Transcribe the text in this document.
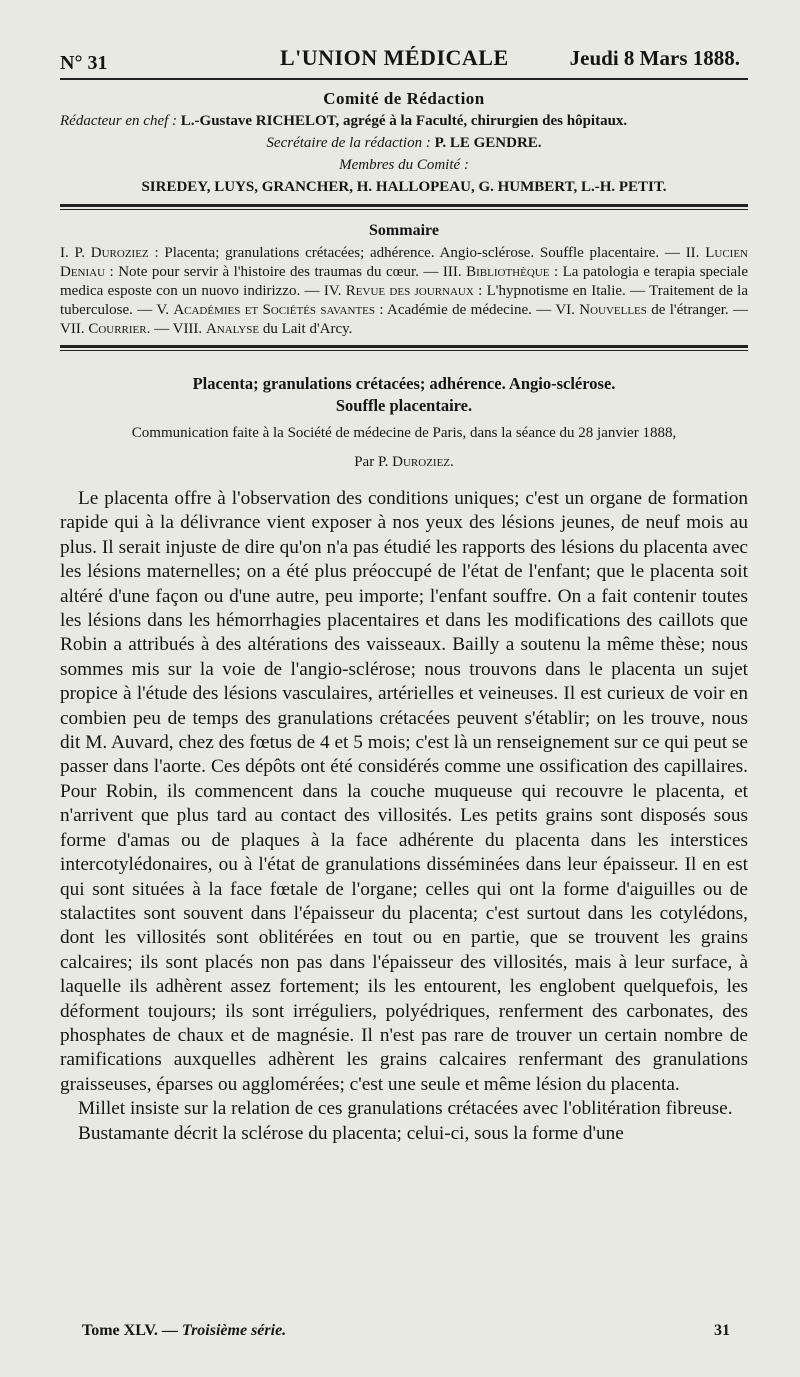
N° 31	L'UNION MÉDICALE	Jeudi 8 Mars 1888.
Comité de Rédaction
Rédacteur en chef : L.-Gustave RICHELOT, agrégé à la Faculté, chirurgien des hôpitaux.
Secrétaire de la rédaction : P. LE GENDRE.
Membres du Comité :
SIREDEY, LUYS, GRANCHER, H. HALLOPEAU, G. HUMBERT, L.-H. PETIT.
Sommaire
I. P. Duroziez : Placenta; granulations crétacées; adhérence. Angio-sclérose. Souffle placentaire. — II. Lucien Deniau : Note pour servir à l'histoire des traumas du cœur. — III. Bibliothèque : La patologia e terapia speciale medica esposte con un nuovo indirizzo. — IV. Revue des journaux : L'hypnotisme en Italie. — Traitement de la tuberculose. — V. Académies et Sociétés savantes : Académie de médecine. — VI. Nouvelles de l'étranger. — VII. Courrier. — VIII. Analyse du Lait d'Arcy.
Placenta; granulations crétacées; adhérence. Angio-sclérose.
Souffle placentaire.
Communication faite à la Société de médecine de Paris, dans la séance du 28 janvier 1888,
Par P. Duroziez.

Le placenta offre à l'observation des conditions uniques; c'est un organe de formation rapide qui à la délivrance vient exposer à nos yeux des lésions jeunes, de neuf mois au plus. Il serait injuste de dire qu'on n'a pas étudié les rapports des lésions du placenta avec les lésions maternelles; on a été plus préoccupé de l'état de l'enfant; que le placenta soit altéré d'une façon ou d'une autre, peu importe; l'enfant souffre. On a fait contenir toutes les lésions dans les hémorrhagies placentaires et dans les modifications des caillots que Robin a attribués à des altérations des vaisseaux. Bailly a soutenu la même thèse; nous sommes mis sur la voie de l'angio-sclérose; nous trouvons dans le placenta un sujet propice à l'étude des lésions vasculaires, artérielles et veineuses. Il est curieux de voir en combien peu de temps des granulations crétacées peuvent s'établir; on les trouve, nous dit M. Auvard, chez des fœtus de 4 et 5 mois; c'est là un renseignement sur ce qui peut se passer dans l'aorte. Ces dépôts ont été considérés comme une ossification des capillaires. Pour Robin, ils commencent dans la couche muqueuse qui recouvre le placenta, et n'arrivent que plus tard au contact des villosités. Les petits grains sont disposés sous forme d'amas ou de plaques à la face adhérente du placenta dans les interstices intercotylédonaires, ou à l'état de granulations disséminées dans leur épaisseur. Il en est qui sont situées à la face fœtale de l'organe; celles qui ont la forme d'aiguilles ou de stalactites sont souvent dans l'épaisseur du placenta; c'est surtout dans les cotylédons, dont les villosités sont oblitérées en tout ou en partie, que se trouvent les grains calcaires; ils sont placés non pas dans l'épaisseur des villosités, mais à leur surface, à laquelle ils adhèrent assez fortement; ils les entourent, les englobent quelquefois, les déforment toujours; ils sont irréguliers, polyédriques, renferment des carbonates, des phosphates de chaux et de magnésie. Il n'est pas rare de trouver un certain nombre de ramifications auxquelles adhèrent les grains calcaires renfermant des granulations graisseuses, éparses ou agglomérées; c'est une seule et même lésion du placenta.

Millet insiste sur la relation de ces granulations crétacées avec l'oblitération fibreuse.

Bustamante décrit la sclérose du placenta; celui-ci, sous la forme d'une

Tome XLV. — Troisième série.	31
